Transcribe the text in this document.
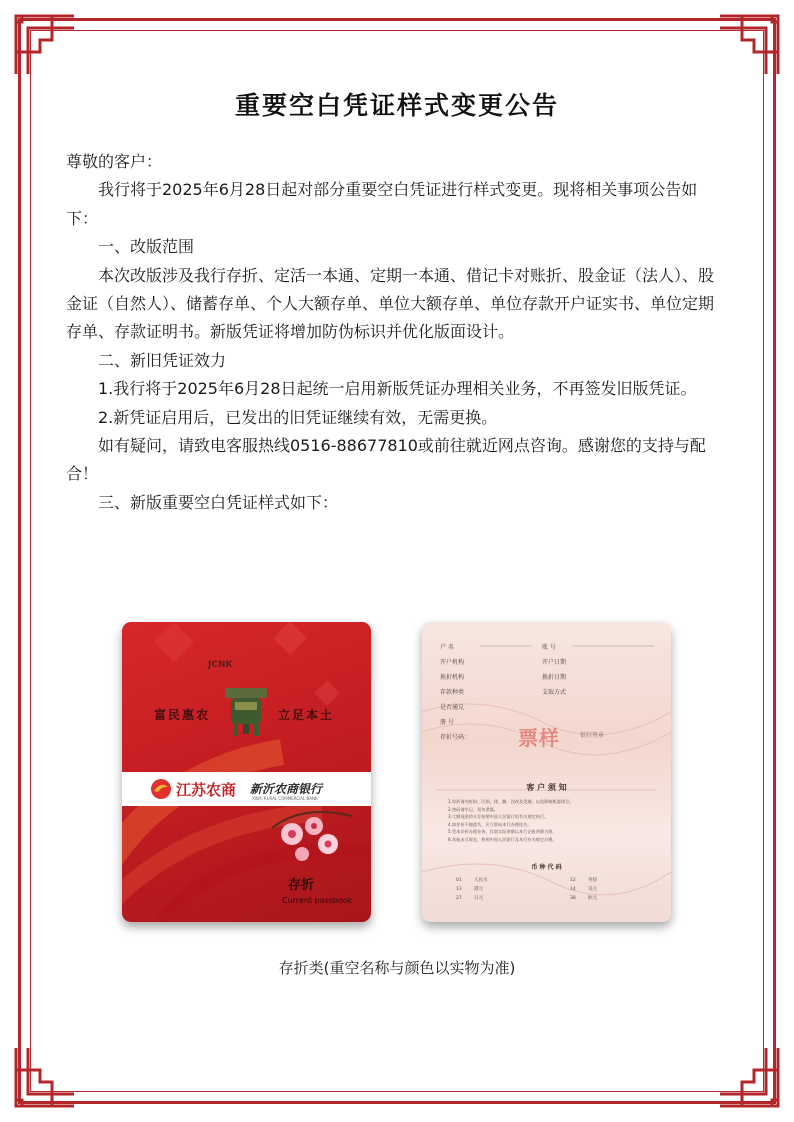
重要空白凭证样式变更公告

尊敬的客户：

我行将于2025年6月28日起对部分重要空白凭证进行样式变更。现将相关事项公告如下：

一、改版范围

本次改版涉及我行存折、定活一本通、定期一本通、借记卡对账折、股金证（法人）、股金证（自然人）、储蓄存单、个人大额存单、单位大额存单、单位存款开户证实书、单位定期存单、存款证明书。新版凭证将增加防伪标识并优化版面设计。

二、新旧凭证效力

1.我行将于2025年6月28日起统一启用新版凭证办理相关业务，不再签发旧版凭证。

2.新凭证启用后，已发出的旧凭证继续有效，无需更换。

如有疑问，请致电客服热线0516-88677810或前往就近网点咨询。感谢您的支持与配合！

三、新版重要空白凭证样式如下：

JCNK
富民惠农	立足本土
江苏农商 新沂农商银行
XINYI RURAL COMMERCIAL BANK
存折
Current passbook
户 名
开户机构
换折机构
存款种类
是否通兑
册 号
存折号码：
账 号
开户日期
换折日期
支取方式
票样	银行签章
客 户 须 知
1.存折请勿折损、污损、揉、撕、涂改及受潮，以免影响机器读写。
2.密码请牢记，切勿泄露。
3.大额现金的支存按照中国人民银行的有关规定执行。
4.如存折不慎遗失，应立即向本行办理挂失。
5.凭本存折办理业务，存款实际余额以本行记账余额为准。
6.其他未尽事宜，按照中国人民银行及本行有关规定办理。
币 种 代 码
01	人民币	12	英镑
13	港元	14	美元
27	日元	38	欧元
存折类(重空名称与颜色以实物为准)
